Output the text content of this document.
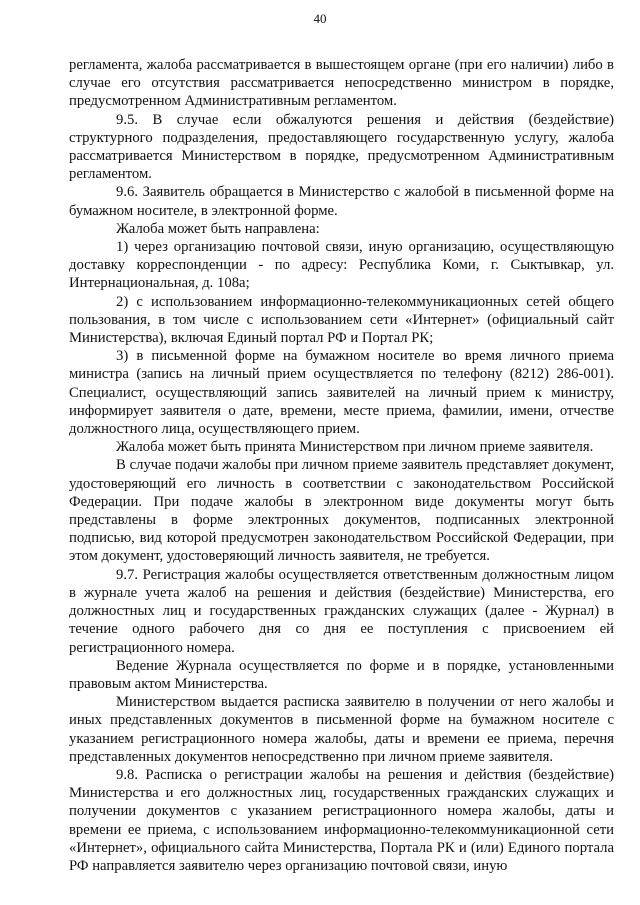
40

регламента, жалоба рассматривается в вышестоящем органе (при его наличии) либо в случае его отсутствия рассматривается непосредственно министром в порядке, предусмотренном Административным регламентом.

9.5. В случае если обжалуются решения и действия (бездействие) структурного подразделения, предоставляющего государственную услугу, жалоба рассматривается Министерством в порядке, предусмотренном Административным регламентом.

9.6. Заявитель обращается в Министерство с жалобой в письменной форме на бумажном носителе, в электронной форме.

Жалоба может быть направлена:

1) через организацию почтовой связи, иную организацию, осуществляющую доставку корреспонденции - по адресу: Республика Коми, г. Сыктывкар, ул. Интернациональная, д. 108а;

2) с использованием информационно-телекоммуникационных сетей общего пользования, в том числе с использованием сети «Интернет» (официальный сайт Министерства), включая Единый портал РФ и Портал РК;

3) в письменной форме на бумажном носителе во время личного приема министра (запись на личный прием осуществляется по телефону (8212) 286-001). Специалист, осуществляющий запись заявителей на личный прием к министру, информирует заявителя о дате, времени, месте приема, фамилии, имени, отчестве должностного лица, осуществляющего прием.

Жалоба может быть принята Министерством при личном приеме заявителя.

В случае подачи жалобы при личном приеме заявитель представляет документ, удостоверяющий его личность в соответствии с законодательством Российской Федерации. При подаче жалобы в электронном виде документы могут быть представлены в форме электронных документов, подписанных электронной подписью, вид которой предусмотрен законодательством Российской Федерации, при этом документ, удостоверяющий личность заявителя, не требуется.

9.7. Регистрация жалобы осуществляется ответственным должностным лицом в журнале учета жалоб на решения и действия (бездействие) Министерства, его должностных лиц и государственных гражданских служащих (далее - Журнал) в течение одного рабочего дня со дня ее поступления с присвоением ей регистрационного номера.

Ведение Журнала осуществляется по форме и в порядке, установленными правовым актом Министерства.

Министерством выдается расписка заявителю в получении от него жалобы и иных представленных документов в письменной форме на бумажном носителе с указанием регистрационного номера жалобы, даты и времени ее приема, перечня представленных документов непосредственно при личном приеме заявителя.

9.8. Расписка о регистрации жалобы на решения и действия (бездействие) Министерства и его должностных лиц, государственных гражданских служащих и получении документов с указанием регистрационного номера жалобы, даты и времени ее приема, с использованием информационно-телекоммуникационной сети «Интернет», официального сайта Министерства, Портала РК и (или) Единого портала РФ направляется заявителю через организацию почтовой связи, иную
